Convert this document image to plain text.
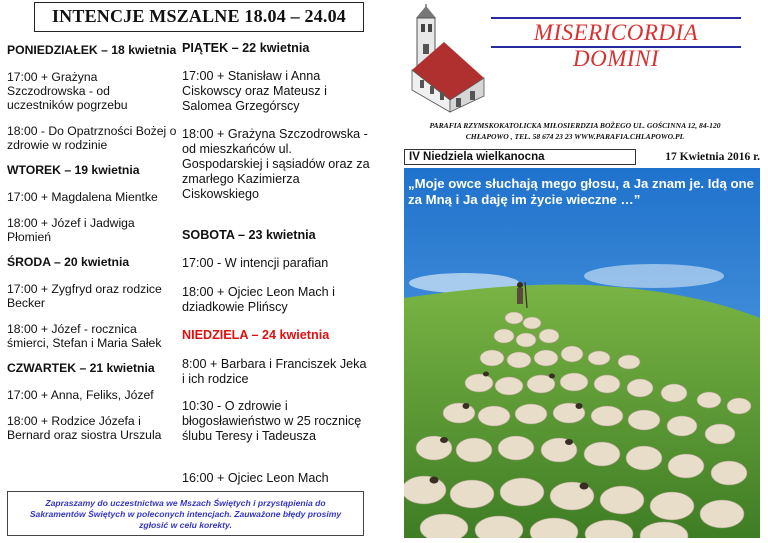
INTENCJE MSZALNE 18.04 – 24.04
PONIEDZIAŁEK – 18 kwietnia
17:00 + Grażyna Szczodrowska - od uczestników pogrzebu
18:00 - Do Opatrzności Bożej o zdrowie w rodzinie
WTOREK – 19 kwietnia
17:00 + Magdalena Mientke
18:00 + Józef i Jadwiga Płomień
ŚRODA – 20 kwietnia
17:00 + Zygfryd oraz rodzice Becker
18:00 + Józef - rocznica śmierci, Stefan i Maria Sałek
CZWARTEK – 21 kwietnia
17:00 + Anna, Feliks, Józef
18:00 + Rodzice Józefa i Bernard oraz siostra Urszula
PIĄTEK – 22 kwietnia
17:00 + Stanisław i Anna Ciskowscy oraz Mateusz i Salomea Grzegórscy
18:00 + Grażyna Szczodrowska - od mieszkańców ul. Gospodarskiej i sąsiadów oraz za zmarłego Kazimierza Ciskowskiego
SOBOTA – 23 kwietnia
17:00 - W intencji parafian
18:00 + Ojciec Leon Mach i dziadkowie Plińscy
NIEDZIELA – 24 kwietnia
8:00 + Barbara i Franciszek Jeka i ich rodzice
10:30 - O zdrowie i błogosławieństwo w 25 rocznicę ślubu Teresy i Tadeusza
16:00 + Ojciec Leon Mach
Zapraszamy do uczestnictwa we Mszach Świętych i przystąpienia do Sakramentów Świętych w poleconych intencjach. Zauważone błędy prosimy zgłosić w celu korekty.
MISERICORDIA DOMINI
PARAFIA RZYMSKOKATOLICKA MIŁOSIERDZIA BOŻEGO UL. GOŚCINNA 12, 84-120
CHŁAPOWO , TEL. 58 674 23 23 WWW.PARAFIA.CHLAPOWO.PL
IV Niedziela wielkanocna	17 Kwietnia 2016 r.
„Moje owce słuchają mego głosu, a Ja znam je. Idą one za Mną i Ja daję im życie wieczne …”
